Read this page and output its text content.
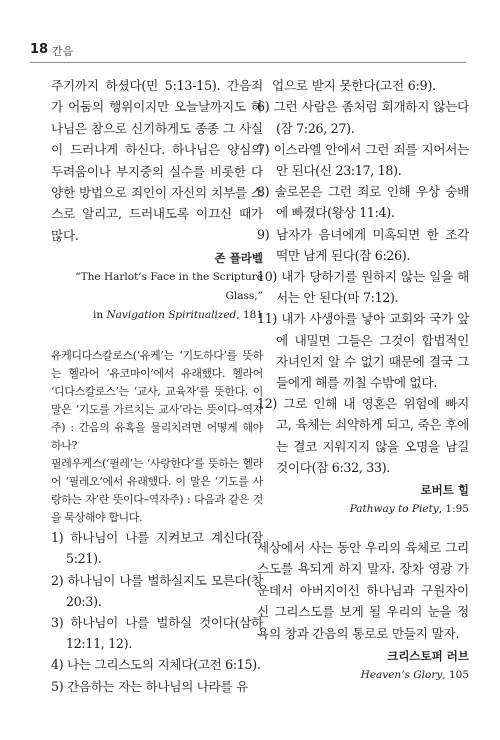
18 간음

주기까지 하셨다(민 5:13-15). 간음죄가 어둠의 행위이지만 오늘날까지도 하나님은 참으로 신기하게도 종종 그 사실이 드러나게 하신다. 하나님은 양심의 두려움이나 부지중의 실수를 비롯한 다양한 방법으로 죄인이 자신의 치부를 스스로 알리고, 드러내도록 이끄신 때가 많다.

존 플라벨

“The Harlot’s Face in the Scripture Glass,”
in Navigation Spiritualized, 181

유케디다스칼로스(‘유케’는 ‘기도하다’를 뜻하는 헬라어 ‘유코마이’에서 유래했다. 헬라어 ‘디다스칼로스’는 ‘교사, 교육자’를 뜻한다. 이 말은 ‘기도를 가르치는 교사’라는 뜻이다–역자주) : 간음의 유혹을 물리치려면 어떻게 해야 하나?

필레우케스(‘필레’는 ‘사랑한다’를 뜻하는 헬라어 ‘필레오’에서 유래했다. 이 말은 ‘기도를 사랑하는 자’란 뜻이다–역자주) : 다음과 같은 것을 묵상해야 합니다.

1) 하나님이 나를 지켜보고 계신다(잠 5:21).
2) 하나님이 나를 벌하실지도 모른다(창 20:3).
3) 하나님이 나를 벌하실 것이다(삼하 12:11, 12).
4) 나는 그리스도의 지체다(고전 6:15).
5) 간음하는 자는 하나님의 나라를 유

업으로 받지 못한다(고전 6:9).

6) 그런 사람은 좀처럼 회개하지 않는다(잠 7:26, 27).
7) 이스라엘 안에서 그런 죄를 지어서는 안 된다(신 23:17, 18).
8) 솔로몬은 그런 죄로 인해 우상 숭배에 빠졌다(왕상 11:4).
9) 남자가 음녀에게 미혹되면 한 조각 떡만 남게 된다(잠 6:26).
10) 내가 당하기를 원하지 않는 일을 해서는 안 된다(마 7:12).
11) 내가 사생아를 낳아 교회와 국가 앞에 내밀면 그들은 그것이 합법적인 자녀인지 알 수 없기 때문에 결국 그들에게 해를 끼칠 수밖에 없다.
12) 그로 인해 내 영혼은 위험에 빠지고, 육체는 쇠약하게 되고, 죽은 후에는 결코 지워지지 않을 오명을 남길 것이다(잠 6:32, 33).

로버트 힐

Pathway to Piety, 1:95

세상에서 사는 동안 우리의 육체로 그리스도를 욕되게 하지 말자. 장차 영광 가운데서 아버지이신 하나님과 구원자이신 그리스도를 보게 될 우리의 눈을 정욕의 창과 간음의 통로로 만들지 말자.

크리스토퍼 러브

Heaven’s Glory, 105
